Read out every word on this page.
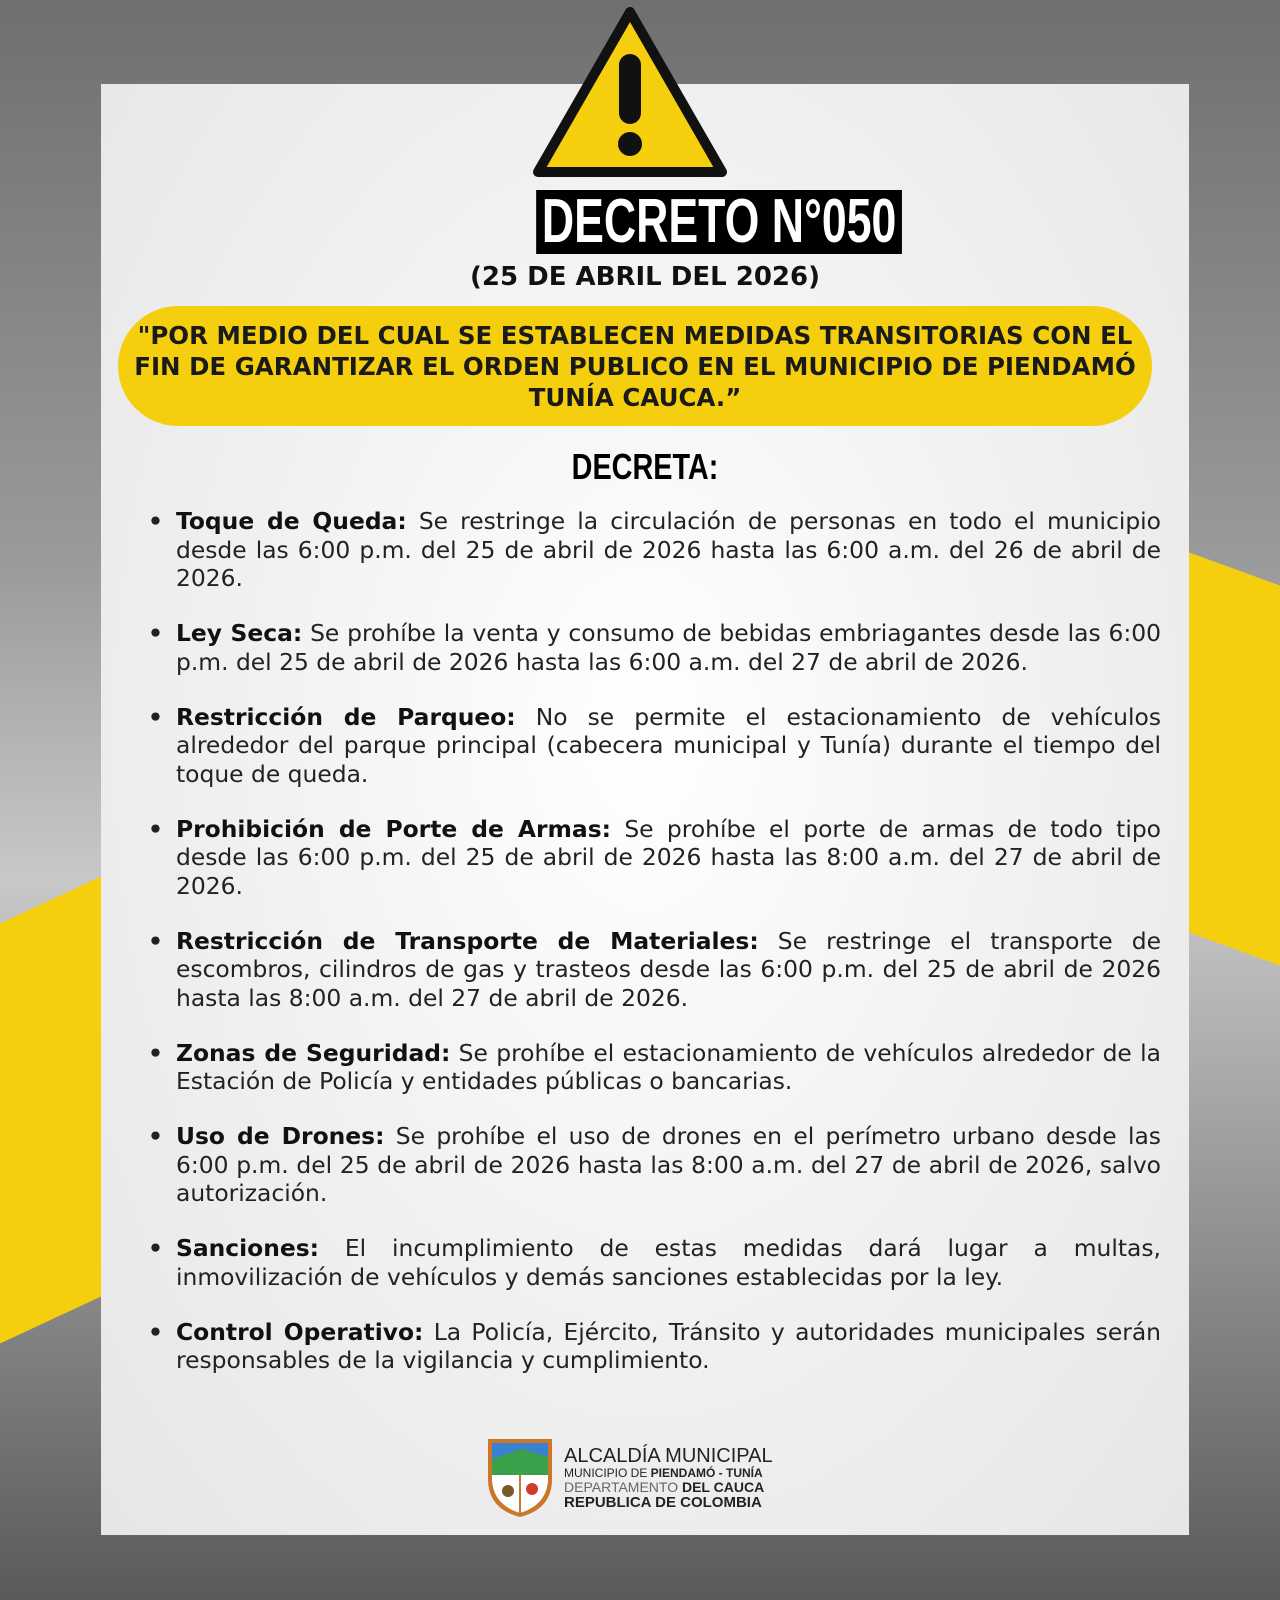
DECRETO N°050
(25 DE ABRIL DEL 2026)
"POR MEDIO DEL CUAL SE ESTABLECEN MEDIDAS TRANSITORIAS CON EL FIN DE GARANTIZAR EL ORDEN PUBLICO EN EL MUNICIPIO DE PIENDAMÓ TUNÍA CAUCA.”
DECRETA:
• Toque de Queda: Se restringe la circulación de personas en todo el municipio desde las 6:00 p.m. del 25 de abril de 2026 hasta las 6:00 a.m. del 26 de abril de 2026.
• Ley Seca: Se prohíbe la venta y consumo de bebidas embriagantes desde las 6:00 p.m. del 25 de abril de 2026 hasta las 6:00 a.m. del 27 de abril de 2026.
• Restricción de Parqueo: No se permite el estacionamiento de vehículos alrededor del parque principal (cabecera municipal y Tunía) durante el tiempo del toque de queda.
• Prohibición de Porte de Armas: Se prohíbe el porte de armas de todo tipo desde las 6:00 p.m. del 25 de abril de 2026 hasta las 8:00 a.m. del 27 de abril de 2026.
• Restricción de Transporte de Materiales: Se restringe el transporte de escombros, cilindros de gas y trasteos desde las 6:00 p.m. del 25 de abril de 2026 hasta las 8:00 a.m. del 27 de abril de 2026.
• Zonas de Seguridad: Se prohíbe el estacionamiento de vehículos alrededor de la Estación de Policía y entidades públicas o bancarias.
• Uso de Drones: Se prohíbe el uso de drones en el perímetro urbano desde las 6:00 p.m. del 25 de abril de 2026 hasta las 8:00 a.m. del 27 de abril de 2026, salvo autorización.
• Sanciones: El incumplimiento de estas medidas dará lugar a multas, inmovilización de vehículos y demás sanciones establecidas por la ley.
• Control Operativo: La Policía, Ejército, Tránsito y autoridades municipales serán responsables de la vigilancia y cumplimiento.
ALCALDÍA MUNICIPAL
MUNICIPIO DE PIENDAMÓ - TUNÍA
DEPARTAMENTO DEL CAUCA
REPUBLICA DE COLOMBIA
